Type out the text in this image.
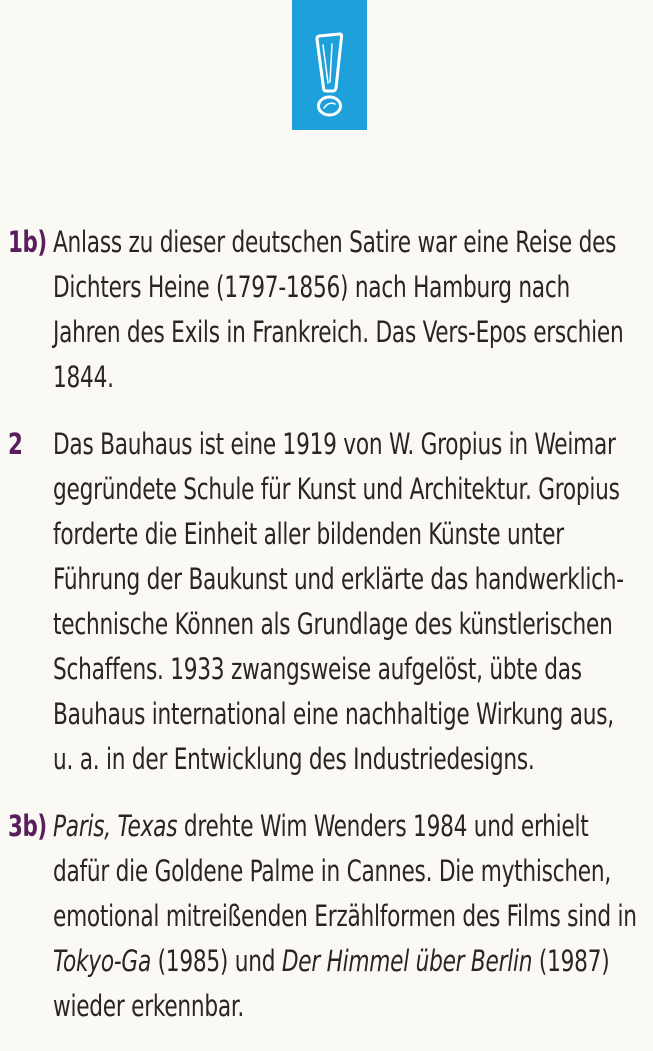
1b) Anlass zu dieser deutschen Satire war eine Reise des
Dichters Heine (1797-1856) nach Hamburg nach
Jahren des Exils in Frankreich. Das Vers-Epos erschien
1844.
2 Das Bauhaus ist eine 1919 von W. Gropius in Weimar
gegründete Schule für Kunst und Architektur. Gropius
forderte die Einheit aller bildenden Künste unter
Führung der Baukunst und erklärte das handwerklich-
technische Können als Grundlage des künstlerischen
Schaffens. 1933 zwangsweise aufgelöst, übte das
Bauhaus international eine nachhaltige Wirkung aus,
u. a. in der Entwicklung des Industriedesigns.
3b) Paris, Texas drehte Wim Wenders 1984 und erhielt
dafür die Goldene Palme in Cannes. Die mythischen,
emotional mitreißenden Erzählformen des Films sind in
Tokyo-Ga (1985) und Der Himmel über Berlin (1987)
wieder erkennbar.
